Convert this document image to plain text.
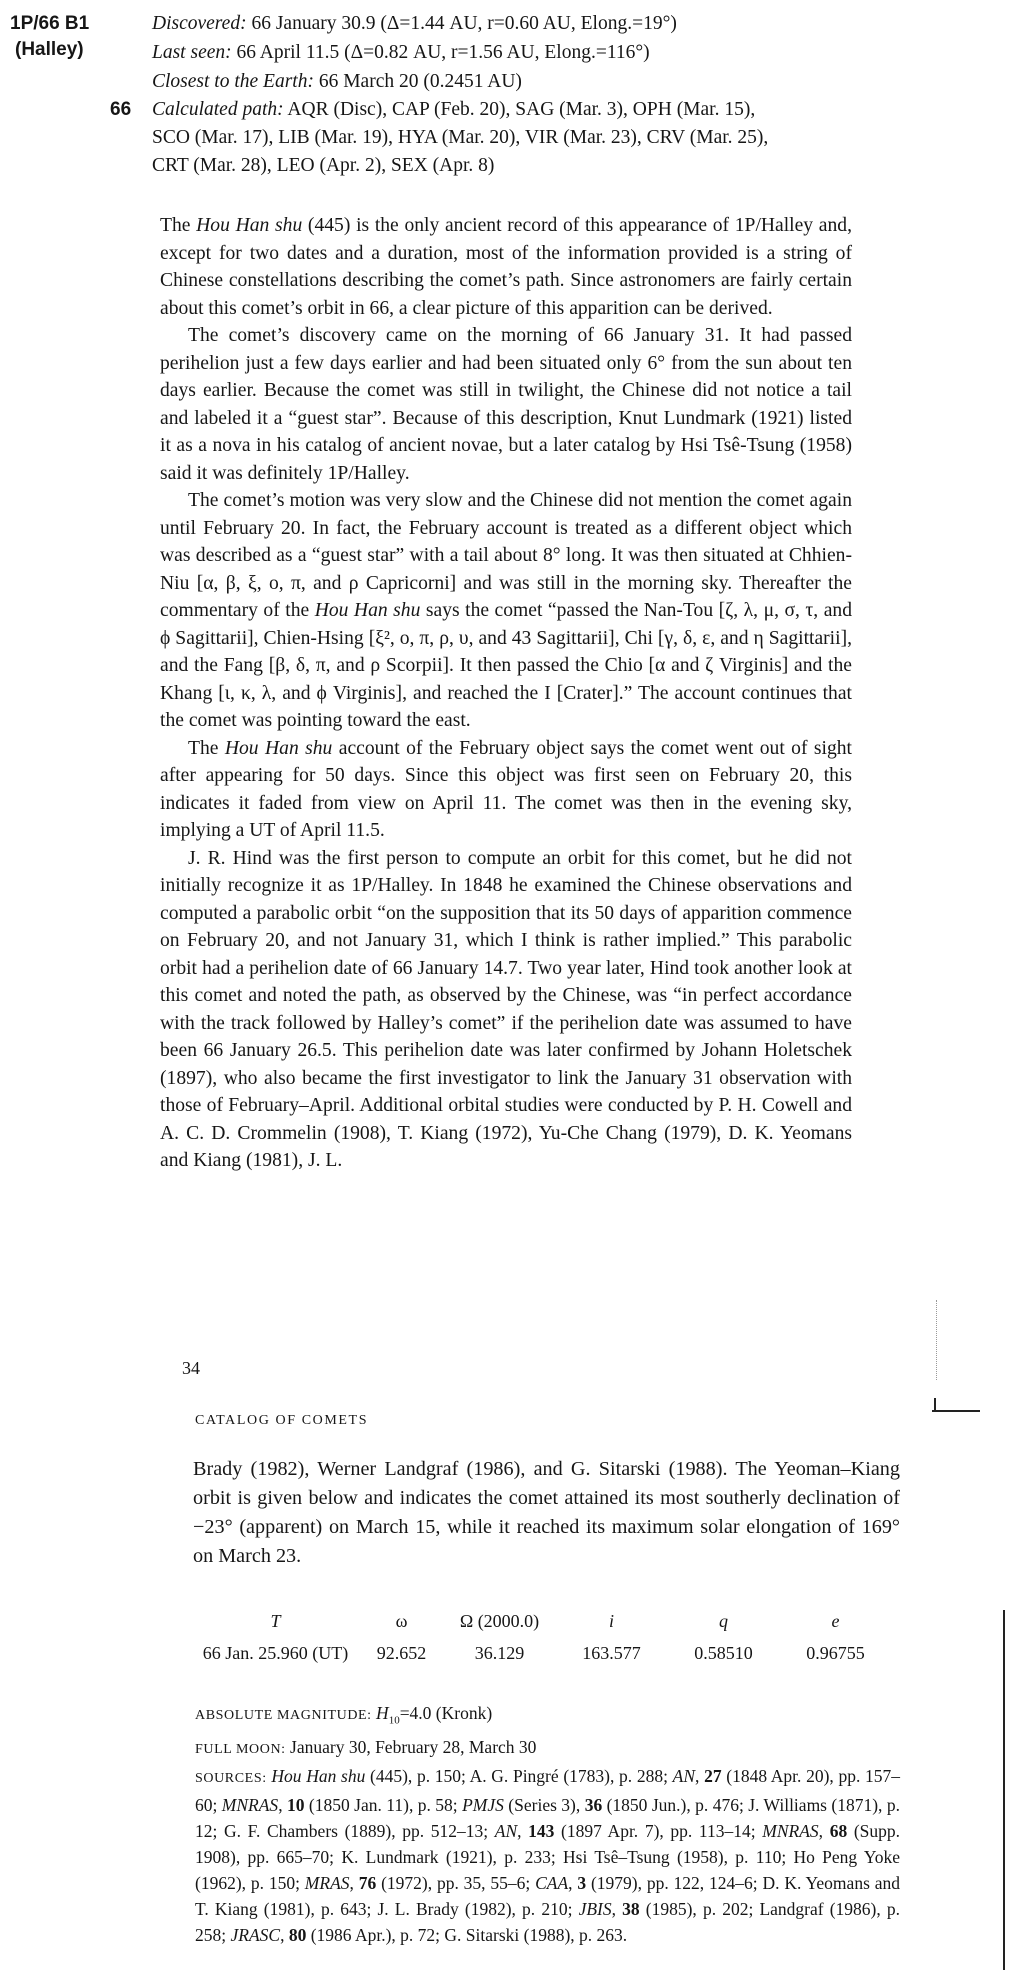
1P/66 B1
(Halley)
66
Discovered: 66 January 30.9 (Δ=1.44 AU, r=0.60 AU, Elong.=19°)
Last seen: 66 April 11.5 (Δ=0.82 AU, r=1.56 AU, Elong.=116°)
Closest to the Earth: 66 March 20 (0.2451 AU)
Calculated path: AQR (Disc), CAP (Feb. 20), SAG (Mar. 3), OPH (Mar. 15),
SCO (Mar. 17), LIB (Mar. 19), HYA (Mar. 20), VIR (Mar. 23), CRV (Mar. 25),
CRT (Mar. 28), LEO (Apr. 2), SEX (Apr. 8)

The Hou Han shu (445) is the only ancient record of this appearance of 1P/Halley and, except for two dates and a duration, most of the information provided is a string of Chinese constellations describing the comet’s path. Since astronomers are fairly certain about this comet’s orbit in 66, a clear picture of this apparition can be derived.

The comet’s discovery came on the morning of 66 January 31. It had passed perihelion just a few days earlier and had been situated only 6° from the sun about ten days earlier. Because the comet was still in twilight, the Chinese did not notice a tail and labeled it a “guest star”. Because of this description, Knut Lundmark (1921) listed it as a nova in his catalog of ancient novae, but a later catalog by Hsi Tsê-Tsung (1958) said it was definitely 1P/Halley.

The comet’s motion was very slow and the Chinese did not mention the comet again until February 20. In fact, the February account is treated as a different object which was described as a “guest star” with a tail about 8° long. It was then situated at Chhien-Niu [α, β, ξ, ο, π, and ρ Capricorni] and was still in the morning sky. Thereafter the commentary of the Hou Han shu says the comet “passed the Nan-Tou [ζ, λ, μ, σ, τ, and ϕ Sagittarii], Chien-Hsing [ξ², ο, π, ρ, υ, and 43 Sagittarii], Chi [γ, δ, ε, and η Sagittarii], and the Fang [β, δ, π, and ρ Scorpii]. It then passed the Chio [α and ζ Virginis] and the Khang [ι, κ, λ, and ϕ Virginis], and reached the I [Crater].” The account continues that the comet was pointing toward the east.

The Hou Han shu account of the February object says the comet went out of sight after appearing for 50 days. Since this object was first seen on February 20, this indicates it faded from view on April 11. The comet was then in the evening sky, implying a UT of April 11.5.

J. R. Hind was the first person to compute an orbit for this comet, but he did not initially recognize it as 1P/Halley. In 1848 he examined the Chinese observations and computed a parabolic orbit “on the supposition that its 50 days of apparition commence on February 20, and not January 31, which I think is rather implied.” This parabolic orbit had a perihelion date of 66 January 14.7. Two year later, Hind took another look at this comet and noted the path, as observed by the Chinese, was “in perfect accordance with the track followed by Halley’s comet” if the perihelion date was assumed to have been 66 January 26.5. This perihelion date was later confirmed by Johann Holetschek (1897), who also became the first investigator to link the January 31 observation with those of February–April. Additional orbital studies were conducted by P. H. Cowell and A. C. D. Crommelin (1908), T. Kiang (1972), Yu-Che Chang (1979), D. K. Yeomans and Kiang (1981), J. L.

34
CATALOG OF COMETS

Brady (1982), Werner Landgraf (1986), and G. Sitarski (1988). The Yeoman–Kiang orbit is given below and indicates the comet attained its most southerly declination of −23° (apparent) on March 15, while it reached its maximum solar elongation of 169° on March 23.

T	ω	Ω (2000.0)	i	q	e
66 Jan. 25.960 (UT)	92.652	36.129	163.577	0.58510	0.96755

ABSOLUTE MAGNITUDE: $H_{10}=4.0$ (Kronk)

FULL MOON: January 30, February 28, March 30

SOURCES: Hou Han shu (445), p. 150; A. G. Pingré (1783), p. 288; AN, 27 (1848 Apr. 20), pp. 157–60; MNRAS, 10 (1850 Jan. 11), p. 58; PMJS (Series 3), 36 (1850 Jun.), p. 476; J. Williams (1871), p. 12; G. F. Chambers (1889), pp. 512–13; AN, 143 (1897 Apr. 7), pp. 113–14; MNRAS, 68 (Supp. 1908), pp. 665–70; K. Lundmark (1921), p. 233; Hsi Tsê–Tsung (1958), p. 110; Ho Peng Yoke (1962), p. 150; MRAS, 76 (1972), pp. 35, 55–6; CAA, 3 (1979), pp. 122, 124–6; D. K. Yeomans and T. Kiang (1981), p. 643; J. L. Brady (1982), p. 210; JBIS, 38 (1985), p. 202; Landgraf (1986), p. 258; JRASC, 80 (1986 Apr.), p. 72; G. Sitarski (1988), p. 263.
